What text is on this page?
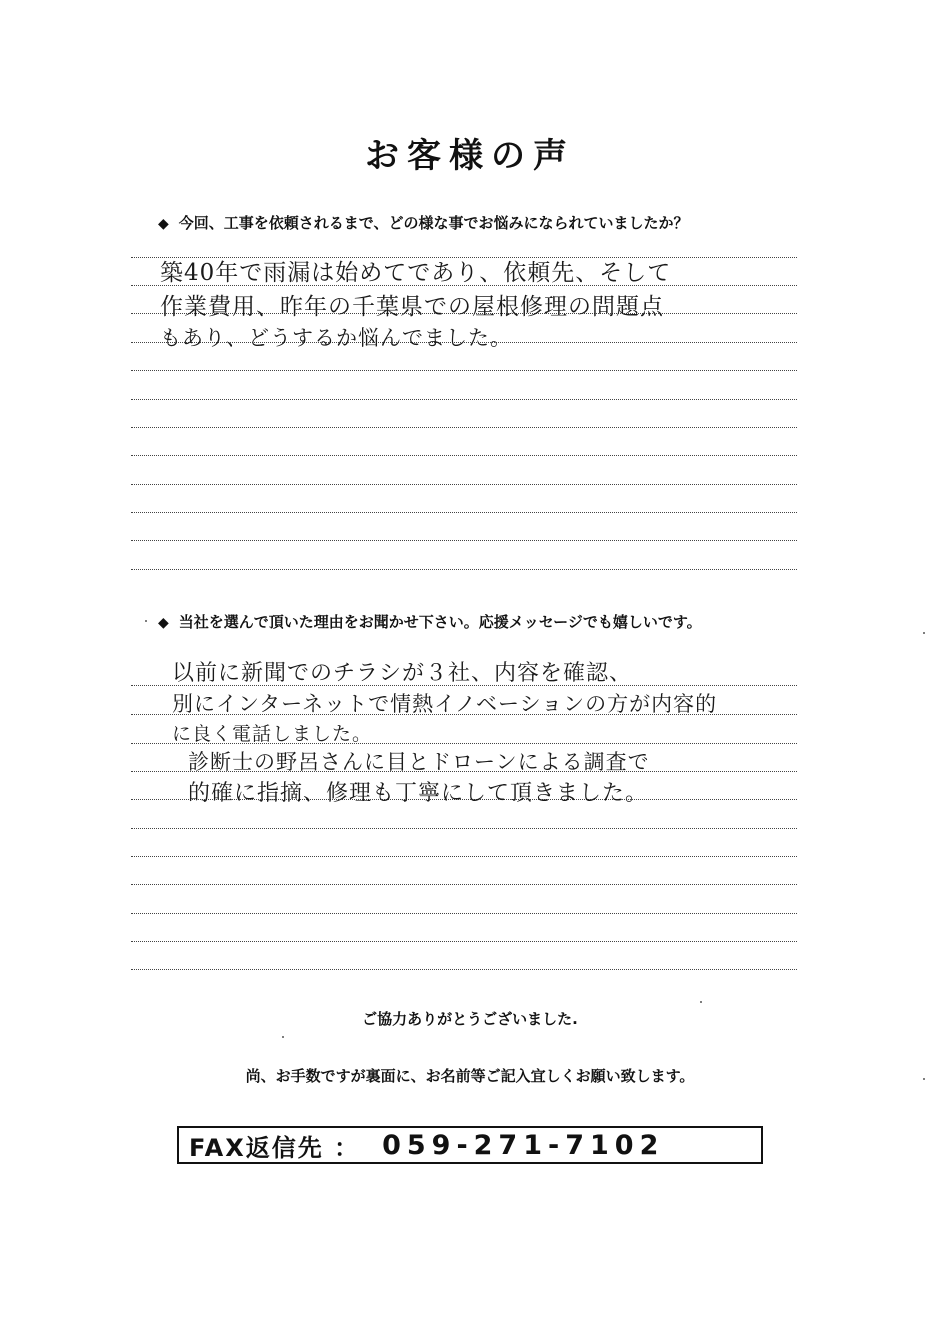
お客様の声
◆ 今回、工事を依頼されるまで、どの様な事でお悩みになられていましたか？
築40年で雨漏は始めてであり、依頼先、そして
作業費用、昨年の千葉県での屋根修理の問題点
もあり、どうするか悩んでました。
◆ 当社を選んで頂いた理由をお聞かせ下さい。応援メッセージでも嬉しいです。
以前に新聞でのチラシが３社、内容を確認、
別にインターネットで情熱イノベーションの方が内容的
に良く電話しました。
診断士の野呂さんに目とドローンによる調査で
的確に指摘、修理も丁寧にして頂きました。
ご協力ありがとうございました.
尚、お手数ですが裏面に、お名前等ご記入宜しくお願い致します。
FAX返信先 ： 059-271-7102
